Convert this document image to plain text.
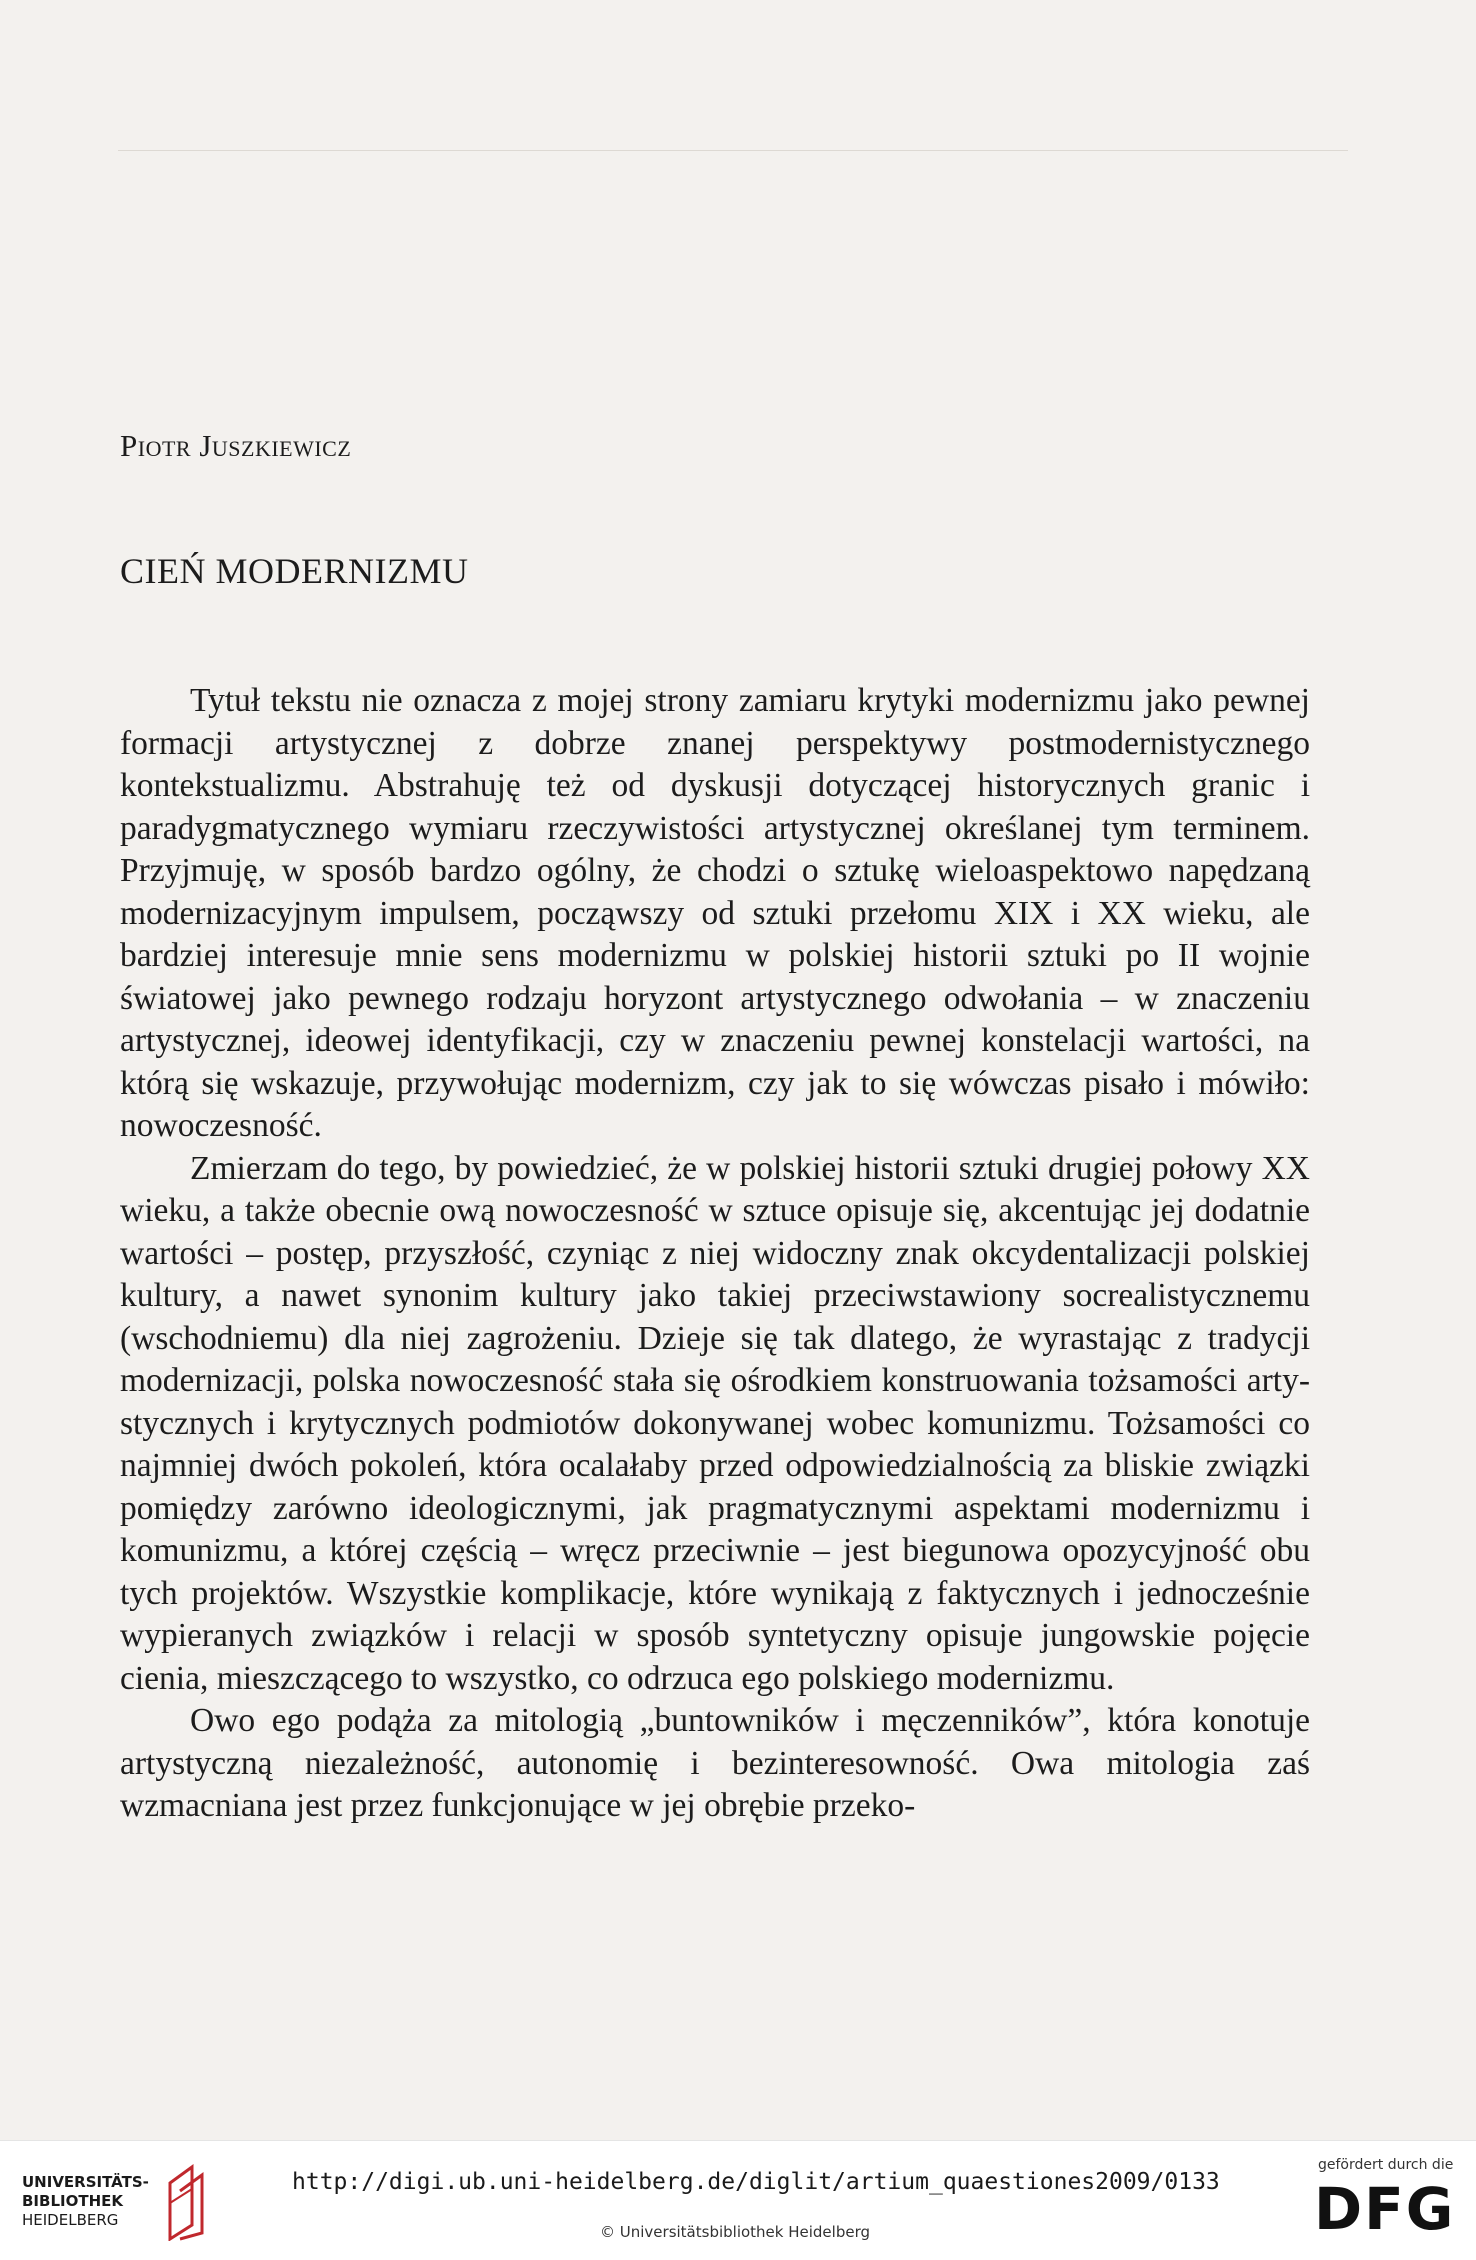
Piotr Juszkiewicz
CIEŃ MODERNIZMU

Tytuł tekstu nie oznacza z mojej strony zamiaru krytyki modernizmu jako pewnej formacji artystycznej z dobrze znanej perspektywy postmodernistycznego kontekstualizmu. Abstrahuję też od dyskusji dotyczącej historycznych granic i paradygmatycznego wymiaru rzeczywistości artystycznej określanej tym terminem. Przyjmuję, w sposób bardzo ogólny, że chodzi o sztukę wieloaspektowo napędzaną modernizacyjnym impulsem, począwszy od sztuki przełomu XIX i XX wieku, ale bardziej interesuje mnie sens modernizmu w polskiej historii sztuki po II wojnie światowej jako pewnego rodzaju horyzont artystycznego odwołania – w znaczeniu artystycznej, ideowej identyfikacji, czy w znaczeniu pewnej konstelacji wartości, na którą się wskazuje, przywołując modernizm, czy jak to się wówczas pisało i mówiło: nowoczesność.

Zmierzam do tego, by powiedzieć, że w polskiej historii sztuki drugiej połowy XX wieku, a także obecnie ową nowoczesność w sztuce opisuje się, akcentując jej dodatnie wartości – postęp, przyszłość, czyniąc z niej widoczny znak okcydentalizacji polskiej kultury, a nawet synonim kultury jako takiej przeciwstawiony socrealistycznemu (wschodniemu) dla niej zagrożeniu. Dzieje się tak dlatego, że wyrastając z tradycji modernizacji, polska nowoczesność stała się ośrodkiem konstruowania tożsamości artystycznych i krytycznych podmiotów dokonywanej wobec komunizmu. Tożsamości co najmniej dwóch pokoleń, która ocalałaby przed odpowiedzialnością za bliskie związki pomiędzy zarówno ideologicznymi, jak pragmatycznymi aspektami modernizmu i komunizmu, a której częścią – wręcz przeciwnie – jest biegunowa opozycyjność obu tych projektów. Wszystkie komplikacje, które wynikają z faktycznych i jednocześnie wypieranych związków i relacji w sposób syntetyczny opisuje jungowskie pojęcie cienia, mieszczącego to wszystko, co odrzuca ego polskiego modernizmu.

Owo ego podąża za mitologią „buntowników i męczenników”, która konotuje artystyczną niezależność, autonomię i bezinteresowność. Owa mitologia zaś wzmacniana jest przez funkcjonujące w jej obrębie przeko-

UNIVERSITÄTS-
BIBLIOTHEK
HEIDELBERG
http://digi.ub.uni-heidelberg.de/diglit/artium_quaestiones2009/0133
© Universitätsbibliothek Heidelberg
gefördert durch die
DFG
